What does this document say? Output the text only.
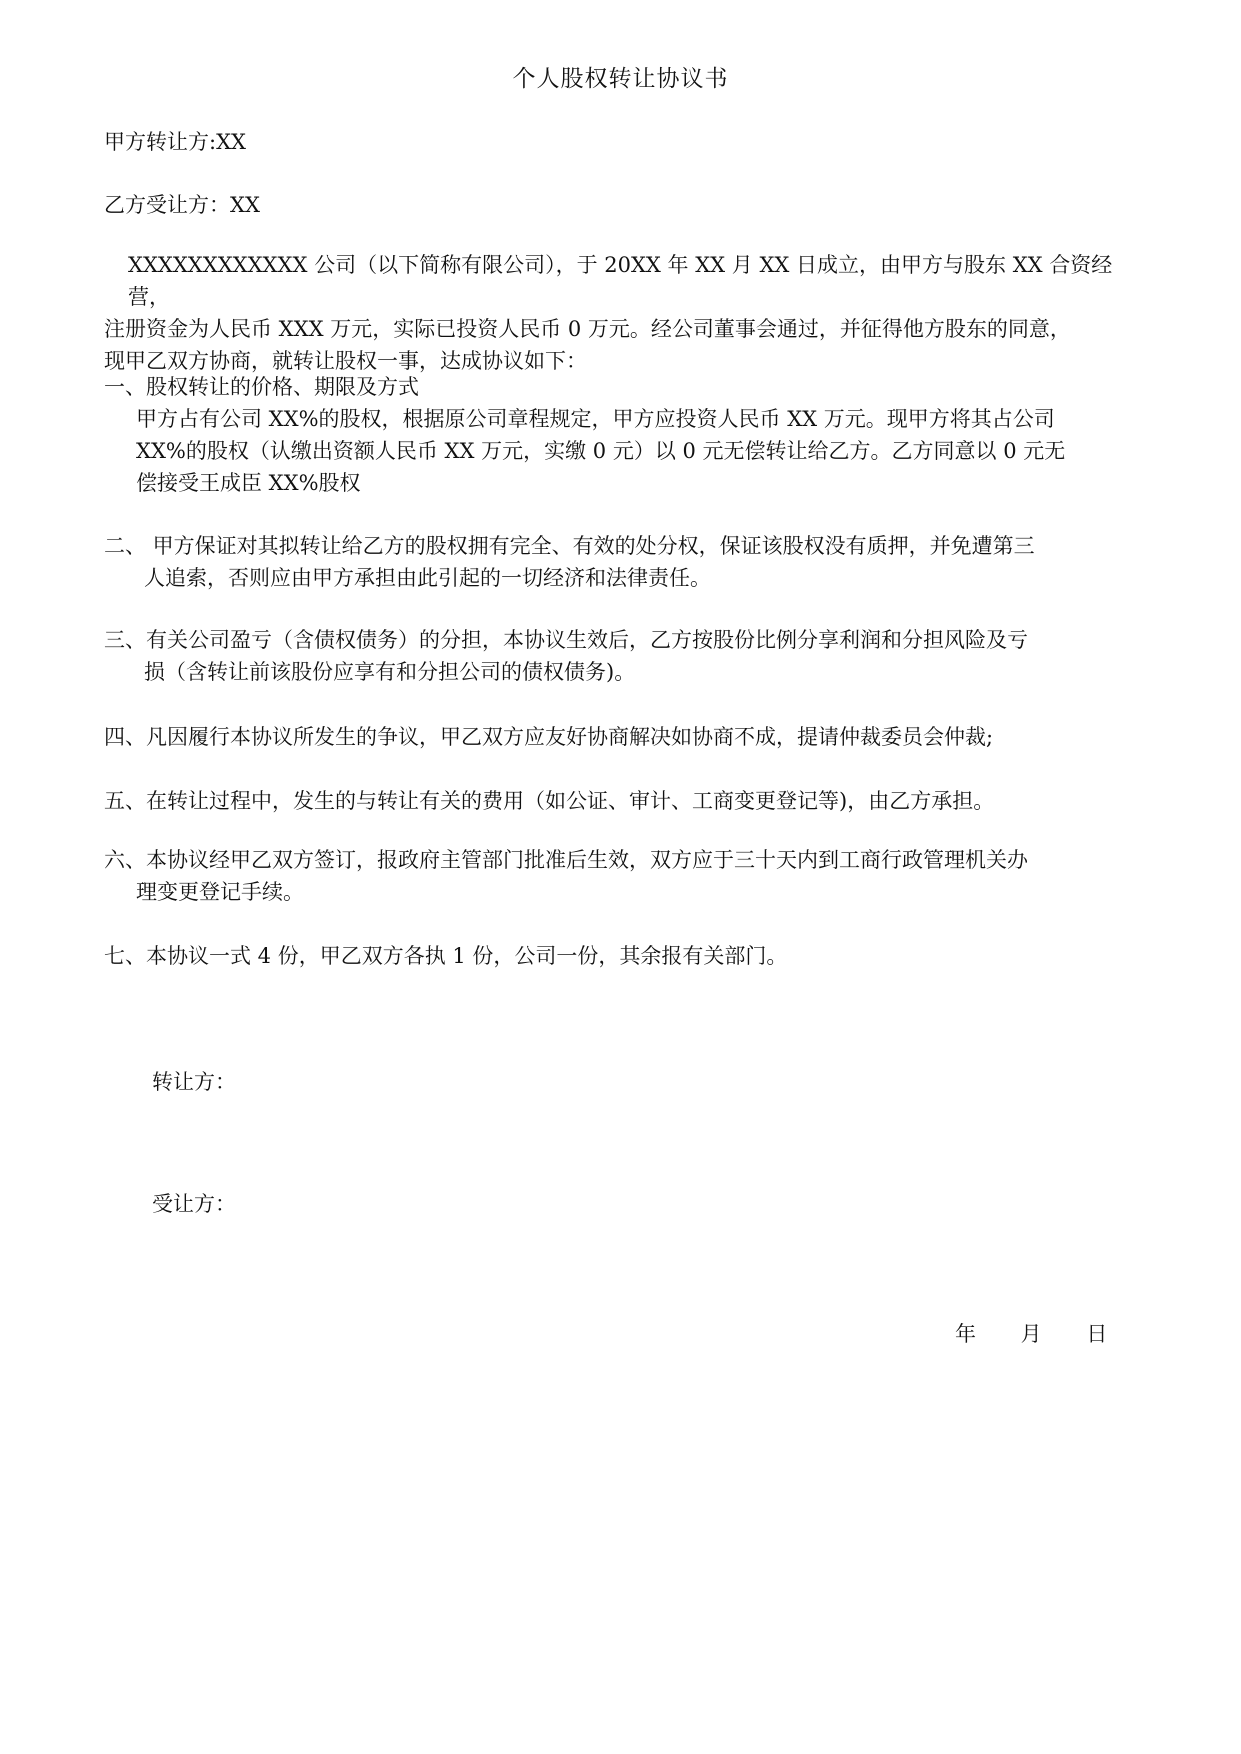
个人股权转让协议书
甲方转让方:XX
乙方受让方：XX
XXXXXXXXXXXX 公司（以下简称有限公司），于 20XX 年 XX 月 XX 日成立，由甲方与股东 XX 合资经营，
注册资金为人民币 XXX 万元，实际已投资人民币 0 万元。经公司董事会通过，并征得他方股东的同意，
现甲乙双方协商，就转让股权一事，达成协议如下：
一、股权转让的价格、期限及方式
甲方占有公司 XX%的股权，根据原公司章程规定，甲方应投资人民币 XX 万元。现甲方将其占公司
XX%的股权（认缴出资额人民币 XX 万元，实缴 0 元）以 0 元无偿转让给乙方。乙方同意以 0 元无
偿接受王成臣 XX%股权
二、 甲方保证对其拟转让给乙方的股权拥有完全、有效的处分权，保证该股权没有质押，并免遭第三
人追索，否则应由甲方承担由此引起的一切经济和法律责任。
三、有关公司盈亏（含债权债务）的分担，本协议生效后，乙方按股份比例分享利润和分担风险及亏
损（含转让前该股份应享有和分担公司的债权债务)。
四、凡因履行本协议所发生的争议，甲乙双方应友好协商解决如协商不成，提请仲裁委员会仲裁;
五、在转让过程中，发生的与转让有关的费用（如公证、审计、工商变更登记等)，由乙方承担。
六、本协议经甲乙双方签订，报政府主管部门批准后生效，双方应于三十天内到工商行政管理机关办
理变更登记手续。
七、本协议一式 4 份，甲乙双方各执 1 份，公司一份，其余报有关部门。
转让方：
受让方：
年 月 日
